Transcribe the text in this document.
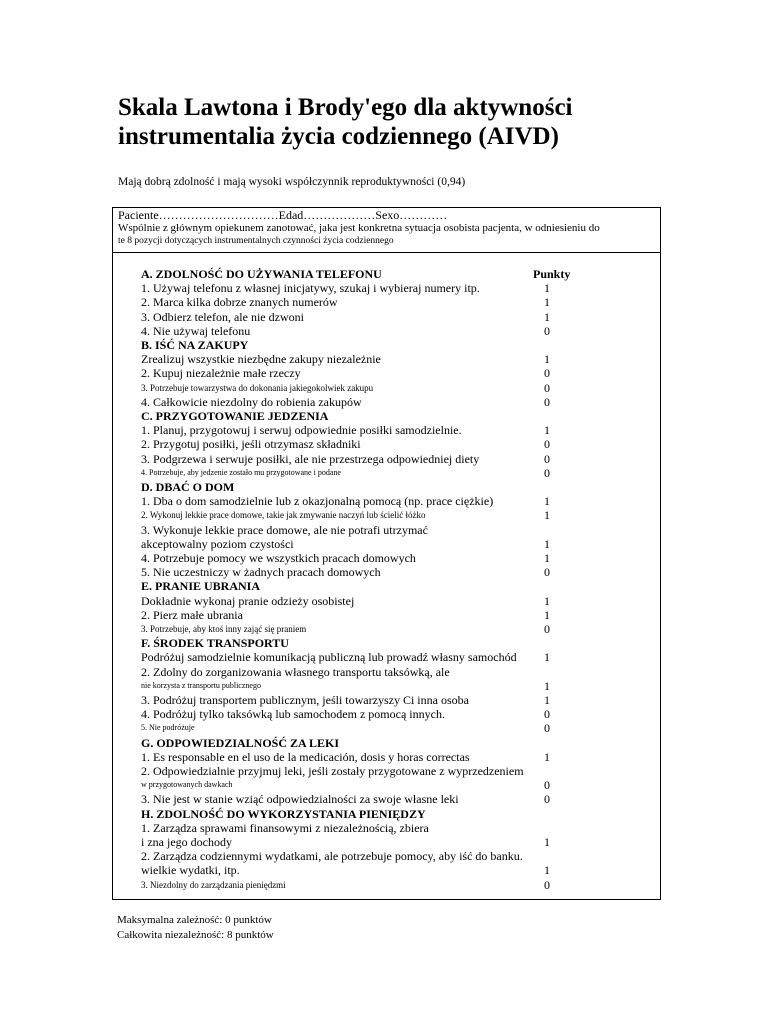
Skala Lawtona i Brody'ego dla aktywności instrumentalia życia codziennego (AIVD)
Mają dobrą zdolność i mają wysoki współczynnik reproduktywności (0,94)
Paciente…………………………Edad………………Sexo…………
Wspólnie z głównym opiekunem zanotować, jaka jest konkretna sytuacja osobista pacjenta, w odniesieniu do
te 8 pozycji dotyczących instrumentalnych czynności życia codziennego
Punkty
A. ZDOLNOŚĆ DO UŻYWANIA TELEFONU
1. Używaj telefonu z własnej inicjatywy, szukaj i wybieraj numery itp.	1
2. Marca kilka dobrze znanych numerów	1
3. Odbierz telefon, ale nie dzwoni	1
4. Nie używaj telefonu	0
B. IŚĆ NA ZAKUPY
Zrealizuj wszystkie niezbędne zakupy niezależnie	1
2. Kupuj niezależnie małe rzeczy	0
3. Potrzebuje towarzystwa do dokonania jakiegokolwiek zakupu	0
4. Całkowicie niezdolny do robienia zakupów	0
C. PRZYGOTOWANIE JEDZENIA
1. Planuj, przygotowuj i serwuj odpowiednie posiłki samodzielnie.	1
2. Przygotuj posiłki, jeśli otrzymasz składniki	0
3. Podgrzewa i serwuje posiłki, ale nie przestrzega odpowiedniej diety	0
4. Potrzebuje, aby jedzenie zostało mu przygotowane i podane	0
D. DBAĆ O DOM
1. Dba o dom samodzielnie lub z okazjonalną pomocą (np. prace ciężkie)	1
2. Wykonuj lekkie prace domowe, takie jak zmywanie naczyń lub ścielić łóżko	1
3. Wykonuje lekkie prace domowe, ale nie potrafi utrzymać
akceptowalny poziom czystości	1
4. Potrzebuje pomocy we wszystkich pracach domowych	1
5. Nie uczestniczy w żadnych pracach domowych	0
E. PRANIE UBRANIA
Dokładnie wykonaj pranie odzieży osobistej	1
2. Pierz małe ubrania	1
3. Potrzebuje, aby ktoś inny zająć się praniem	0
F. ŚRODEK TRANSPORTU
Podróżuj samodzielnie komunikacją publiczną lub prowadź własny samochód 1
2. Zdolny do zorganizowania własnego transportu taksówką, ale
nie korzysta z transportu publicznego	1
3. Podróżuj transportem publicznym, jeśli towarzyszy Ci inna osoba	1
4. Podróżuj tylko taksówką lub samochodem z pomocą innych.	0
5. Nie podróżuje	0
G. ODPOWIEDZIALNOŚĆ ZA LEKI
1. Es responsable en el uso de la medicación, dosis y horas correctas	1
2. Odpowiedzialnie przyjmuj leki, jeśli zostały przygotowane z wyprzedzeniem
w przygotowanych dawkach	0
3. Nie jest w stanie wziąć odpowiedzialności za swoje własne leki	0
H. ZDOLNOŚĆ DO WYKORZYSTANIA PIENIĘDZY
1. Zarządza sprawami finansowymi z niezależnością, zbiera
i zna jego dochody	1
2. Zarządza codziennymi wydatkami, ale potrzebuje pomocy, aby iść do banku.
wielkie wydatki, itp.	1
3. Niezdolny do zarządzania pieniędzmi	0
Maksymalna zależność: 0 punktów
Całkowita niezależność: 8 punktów
